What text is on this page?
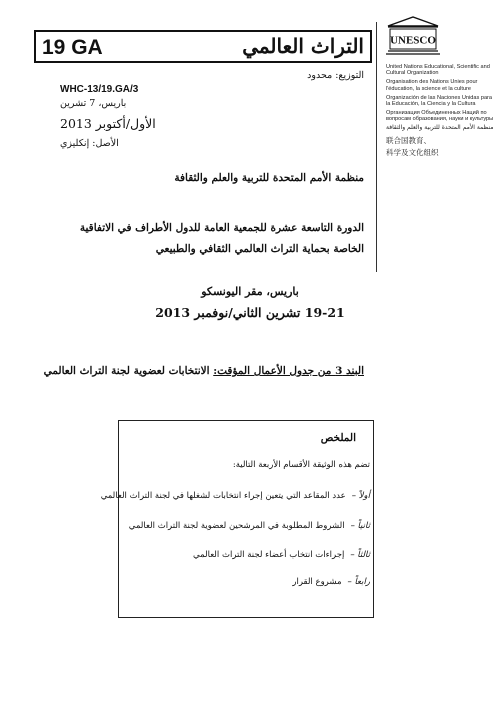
19 GA	التراث العالمي UNESCO
United Nations Educational, Scientific and Cultural Organization
Organisation des Nations Unies pour l'éducation, la science et la culture
Organización de las Naciones Unidas para la Educación, la Ciencia y la Cultura
Организация Объединенных Наций по вопросам образования, науки и культуры
منظمة الأمم المتحدة للتربية والعلم والثقافة
联合国教育、
科学及文化组织
التوزيع: محدود
WHC-13/19.GA/3
باريس، 7 تشرين
الأول/أكتوبر 2013
الأصل: إنكليزي
منظمة الأمم المتحدة للتربية والعلم والثقافة
الدورة التاسعة عشرة للجمعية العامة للدول الأطراف في الاتفاقية
الخاصة بحماية التراث العالمي الثقافي والطبيعي
باريس، مقر اليونسكو
19-21 تشرين الثاني/نوفمبر 2013
البند 3 من جدول الأعمال المؤقت: الانتخابات لعضوية لجنة التراث العالمي
الملخص
تضم هذه الوثيقة الأقسام الأربعة التالية:
أولاً –عدد المقاعد التي يتعين إجراء انتخابات لشغلها في لجنة التراث العالمي
ثانياً –الشروط المطلوبة في المرشحين لعضوية لجنة التراث العالمي
ثالثاً –إجراءات انتخاب أعضاء لجنة التراث العالمي
رابعاً –مشروع القرار
